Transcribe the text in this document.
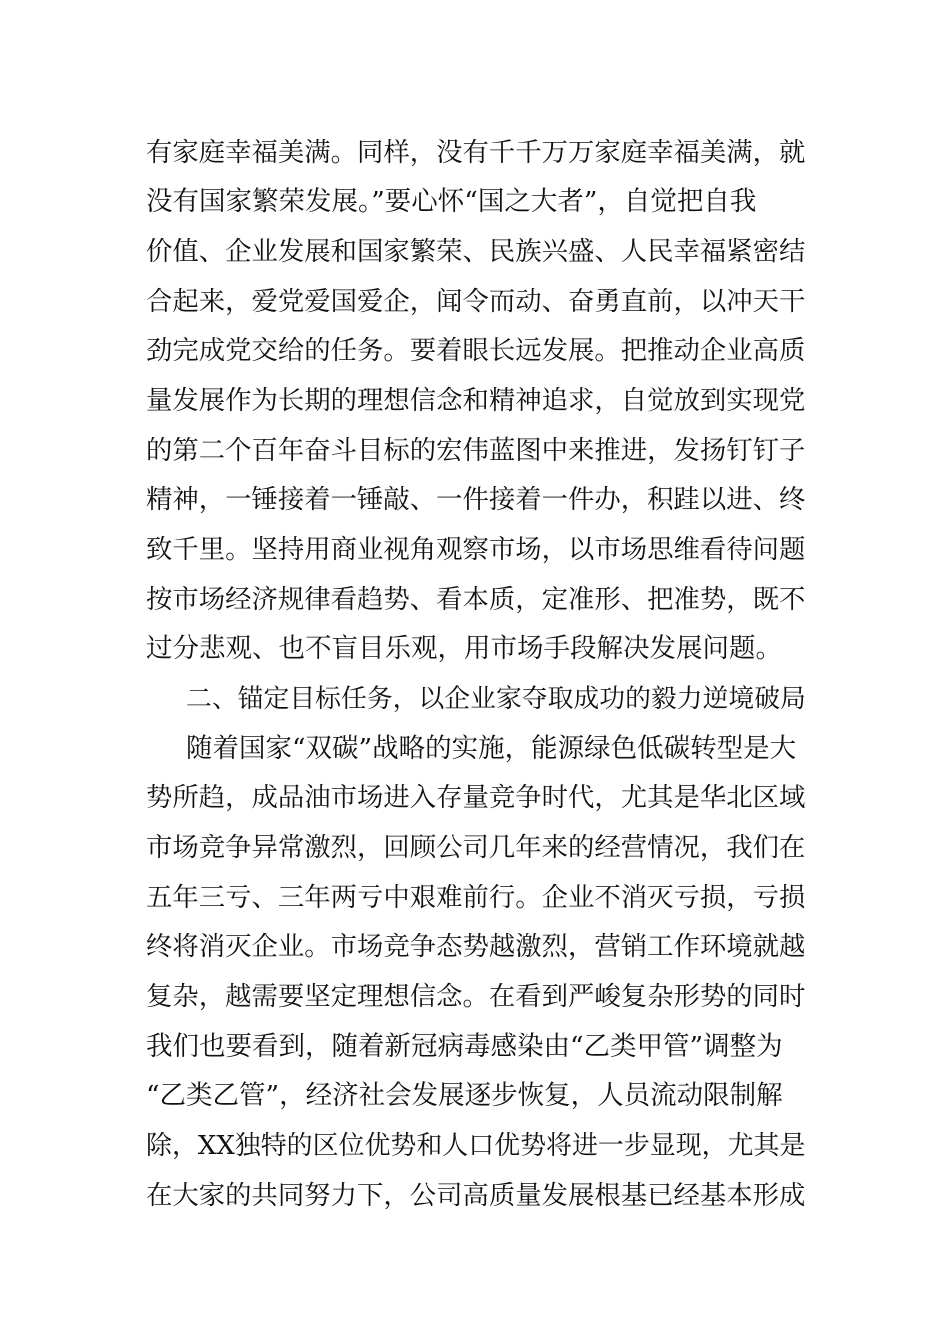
有家庭幸福美满。同样，没有千千万万家庭幸福美满，就
没有国家繁荣发展。”要心怀“国之大者”，自觉把自我
价值、企业发展和国家繁荣、民族兴盛、人民幸福紧密结
合起来，爱党爱国爱企，闻令而动、奋勇直前，以冲天干
劲完成党交给的任务。要着眼长远发展。把推动企业高质
量发展作为长期的理想信念和精神追求，自觉放到实现党
的第二个百年奋斗目标的宏伟蓝图中来推进，发扬钉钉子
精神，一锤接着一锤敲、一件接着一件办，积跬以进、终
致千里。坚持用商业视角观察市场，以市场思维看待问题
按市场经济规律看趋势、看本质，定准形、把准势，既不
过分悲观、也不盲目乐观，用市场手段解决发展问题。
二、锚定目标任务，以企业家夺取成功的毅力逆境破局
随着国家“双碳”战略的实施，能源绿色低碳转型是大
势所趋，成品油市场进入存量竞争时代，尤其是华北区域
市场竞争异常激烈，回顾公司几年来的经营情况，我们在
五年三亏、三年两亏中艰难前行。企业不消灭亏损，亏损
终将消灭企业。市场竞争态势越激烈，营销工作环境就越
复杂，越需要坚定理想信念。在看到严峻复杂形势的同时
我们也要看到，随着新冠病毒感染由“乙类甲管”调整为
“乙类乙管”，经济社会发展逐步恢复，人员流动限制解
除，XX独特的区位优势和人口优势将进一步显现，尤其是
在大家的共同努力下，公司高质量发展根基已经基本形成
